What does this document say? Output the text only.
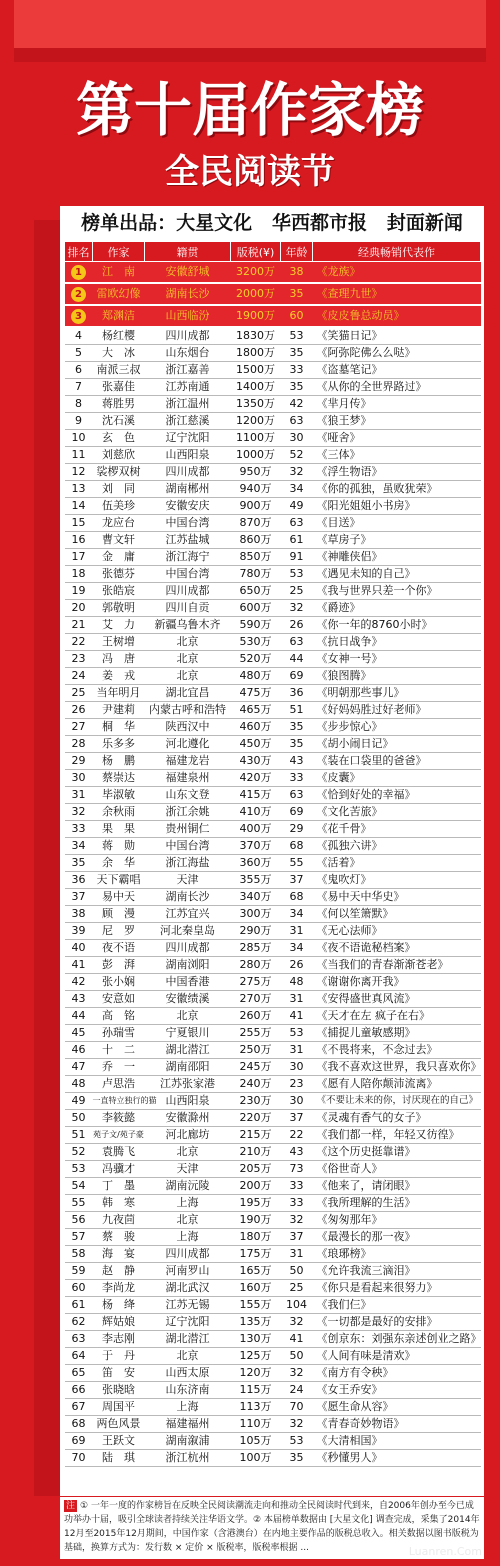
第十届作家榜
全民阅读节
榜单出品：大星文化   华西都市报   封面新闻
排名	作家	籍贯	版税(¥)	年龄	经典畅销代表作
1	江　南	安徽舒城	3200万	38	《龙族》
2	雷欧幻像	湖南长沙	2000万	35	《查理九世》
3	郑渊洁	山西临汾	1900万	60	《皮皮鲁总动员》
4	杨红樱	四川成都	1830万	53	《笑猫日记》
5	大　冰	山东烟台	1800万	35	《阿弥陀佛么么哒》
6	南派三叔	浙江嘉善	1500万	33	《盗墓笔记》
7	张嘉佳	江苏南通	1400万	35	《从你的全世界路过》
8	蒋胜男	浙江温州	1350万	42	《芈月传》
9	沈石溪	浙江慈溪	1200万	63	《狼王梦》
10	玄　色	辽宁沈阳	1100万	30	《哑舍》
11	刘慈欣	山西阳泉	1000万	52	《三体》
12	裟椤双树	四川成都	950万	32	《浮生物语》
13	刘　同	湖南郴州	940万	34	《你的孤独，虽败犹荣》
14	伍美珍	安徽安庆	900万	49	《阳光姐姐小书房》
15	龙应台	中国台湾	870万	63	《目送》
16	曹文轩	江苏盐城	860万	61	《草房子》
17	金　庸	浙江海宁	850万	91	《神雕侠侣》
18	张德芬	中国台湾	780万	53	《遇见未知的自己》
19	张皓宸	四川成都	650万	25	《我与世界只差一个你》
20	郭敬明	四川自贡	600万	32	《爵迹》
21	艾　力	新疆乌鲁木齐	590万	26	《你一年的8760小时》
22	王树增	北京	530万	63	《抗日战争》
23	冯　唐	北京	520万	44	《女神一号》
24	姜　戎	北京	480万	69	《狼图腾》
25	当年明月	湖北宜昌	475万	36	《明朝那些事儿》
26	尹建莉	内蒙古呼和浩特	465万	51	《好妈妈胜过好老师》
27	桐　华	陕西汉中	460万	35	《步步惊心》
28	乐多多	河北遵化	450万	35	《胡小闹日记》
29	杨　鹏	福建龙岩	430万	43	《装在口袋里的爸爸》
30	蔡崇达	福建泉州	420万	33	《皮囊》
31	毕淑敏	山东文登	415万	63	《恰到好处的幸福》
32	余秋雨	浙江余姚	410万	69	《文化苦旅》
33	果　果	贵州铜仁	400万	29	《花千骨》
34	蒋　勋	中国台湾	370万	68	《孤独六讲》
35	余　华	浙江海盐	360万	55	《活着》
36	天下霸唱	天津	355万	37	《鬼吹灯》
37	易中天	湖南长沙	340万	68	《易中天中华史》
38	顾　漫	江苏宜兴	300万	34	《何以笙箫默》
39	尼　罗	河北秦皇岛	290万	31	《无心法师》
40	夜不语	四川成都	285万	34	《夜不语诡秘档案》
41	彭　湃	湖南浏阳	280万	26	《当我们的青春渐渐苍老》
42	张小娴	中国香港	275万	48	《谢谢你离开我》
43	安意如	安徽绩溪	270万	31	《安得盛世真风流》
44	高　铭	北京	260万	41	《天才在左 疯子在右》
45	孙瑞雪	宁夏银川	255万	53	《捕捉儿童敏感期》
46	十　二	湖北潜江	250万	31	《不畏将来，不念过去》
47	乔　一	湖南邵阳	245万	30	《我不喜欢这世界，我只喜欢你》
48	卢思浩	江苏张家港	240万	23	《愿有人陪你颠沛流离》
49	一直特立独行的猫	山西阳泉	230万	30	《不要让未来的你，讨厌现在的自己》
50	李筱懿	安徽滁州	220万	37	《灵魂有香气的女子》
51	苑子文/苑子豪	河北廊坊	215万	22	《我们都一样，年轻又彷徨》
52	袁腾飞	北京	210万	43	《这个历史挺靠谱》
53	冯骥才	天津	205万	73	《俗世奇人》
54	丁　墨	湖南沅陵	200万	33	《他来了，请闭眼》
55	韩　寒	上海	195万	33	《我所理解的生活》
56	九夜茴	北京	190万	32	《匆匆那年》
57	蔡　骏	上海	180万	37	《最漫长的那一夜》
58	海　宴	四川成都	175万	31	《琅琊榜》
59	赵　静	河南罗山	165万	50	《允许我流三滴泪》
60	李尚龙	湖北武汉	160万	25	《你只是看起来很努力》
61	杨　绛	江苏无锡	155万	104	《我们仨》
62	辉姑娘	辽宁沈阳	135万	32	《一切都是最好的安排》
63	李志刚	湖北潜江	130万	41	《创京东：刘强东亲述创业之路》
64	于　丹	北京	125万	50	《人间有味是清欢》
65	笛　安	山西太原	120万	32	《南方有令秧》
66	张晓晗	山东济南	115万	24	《女王乔安》
67	周国平	上海	113万	70	《愿生命从容》
68	两色风景	福建福州	110万	32	《青春奇妙物语》
69	王跃文	湖南溆浦	105万	53	《大清相国》
70	陆　琪	浙江杭州	100万	35	《秒懂男人》
注 ① 一年一度的作家榜旨在反映全民阅读潮流走向和推动全民阅读时代到来，自2006年创办至今已成功举办十届，吸引全球读者持续关注华语文学。② 本届榜单数据由 [大星文化] 调查完成，采集了2014年12月至2015年12月期间，中国作家（含港澳台）在内地主要作品的版税总收入。相关数据以图书版税为基础，换算方式为：发行数 × 定价 × 版税率，版税率根据 ...	Luanren.Com
